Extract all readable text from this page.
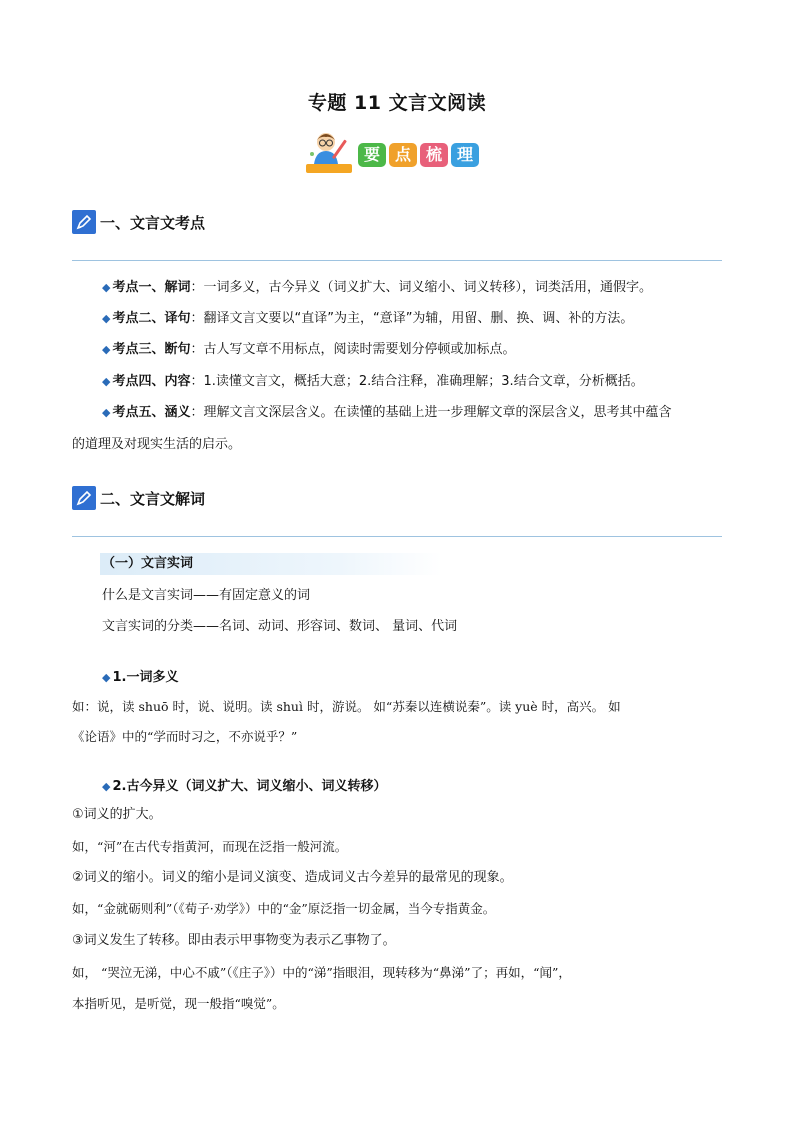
专题 11 文言文阅读
要 点 梳 理
一、文言文考点
◆ 考点一、解词：一词多义，古今异义（词义扩大、词义缩小、词义转移），词类活用，通假字。
◆ 考点二、译句：翻译文言文要以“直译”为主，“意译”为辅，用留、删、换、调、补的方法。
◆ 考点三、断句：古人写文章不用标点，阅读时需要划分停顿或加标点。
◆ 考点四、内容：1.读懂文言文，概括大意；2.结合注释，准确理解；3.结合文章，分析概括。
◆ 考点五、涵义：理解文言文深层含义。在读懂的基础上进一步理解文章的深层含义，思考其中蕴含
的道理及对现实生活的启示。
二、文言文解词
（一）文言实词
什么是文言实词——有固定意义的词
文言实词的分类——名词、动词、形容词、数词、 量词、代词
◆ 1.一词多义
如：说，读 shuō 时，说、说明。读 shuì 时，游说。 如“苏秦以连横说秦”。读 yuè 时，高兴。 如
《论语》中的“学而时习之，不亦说乎？”
◆ 2.古今异义（词义扩大、词义缩小、词义转移）
①词义的扩大。
如，“河”在古代专指黄河，而现在泛指一般河流。
②词义的缩小。词义的缩小是词义演变、造成词义古今差异的最常见的现象。
如，“金就砺则利”（《荀子·劝学》）中的“金”原泛指一切金属，当今专指黄金。
③词义发生了转移。即由表示甲事物变为表示乙事物了。
如， “哭泣无涕，中心不戚”（《庄子》）中的“涕”指眼泪，现转移为“鼻涕”了；再如，“闻”，
本指听见，是听觉，现一般指“嗅觉”。
